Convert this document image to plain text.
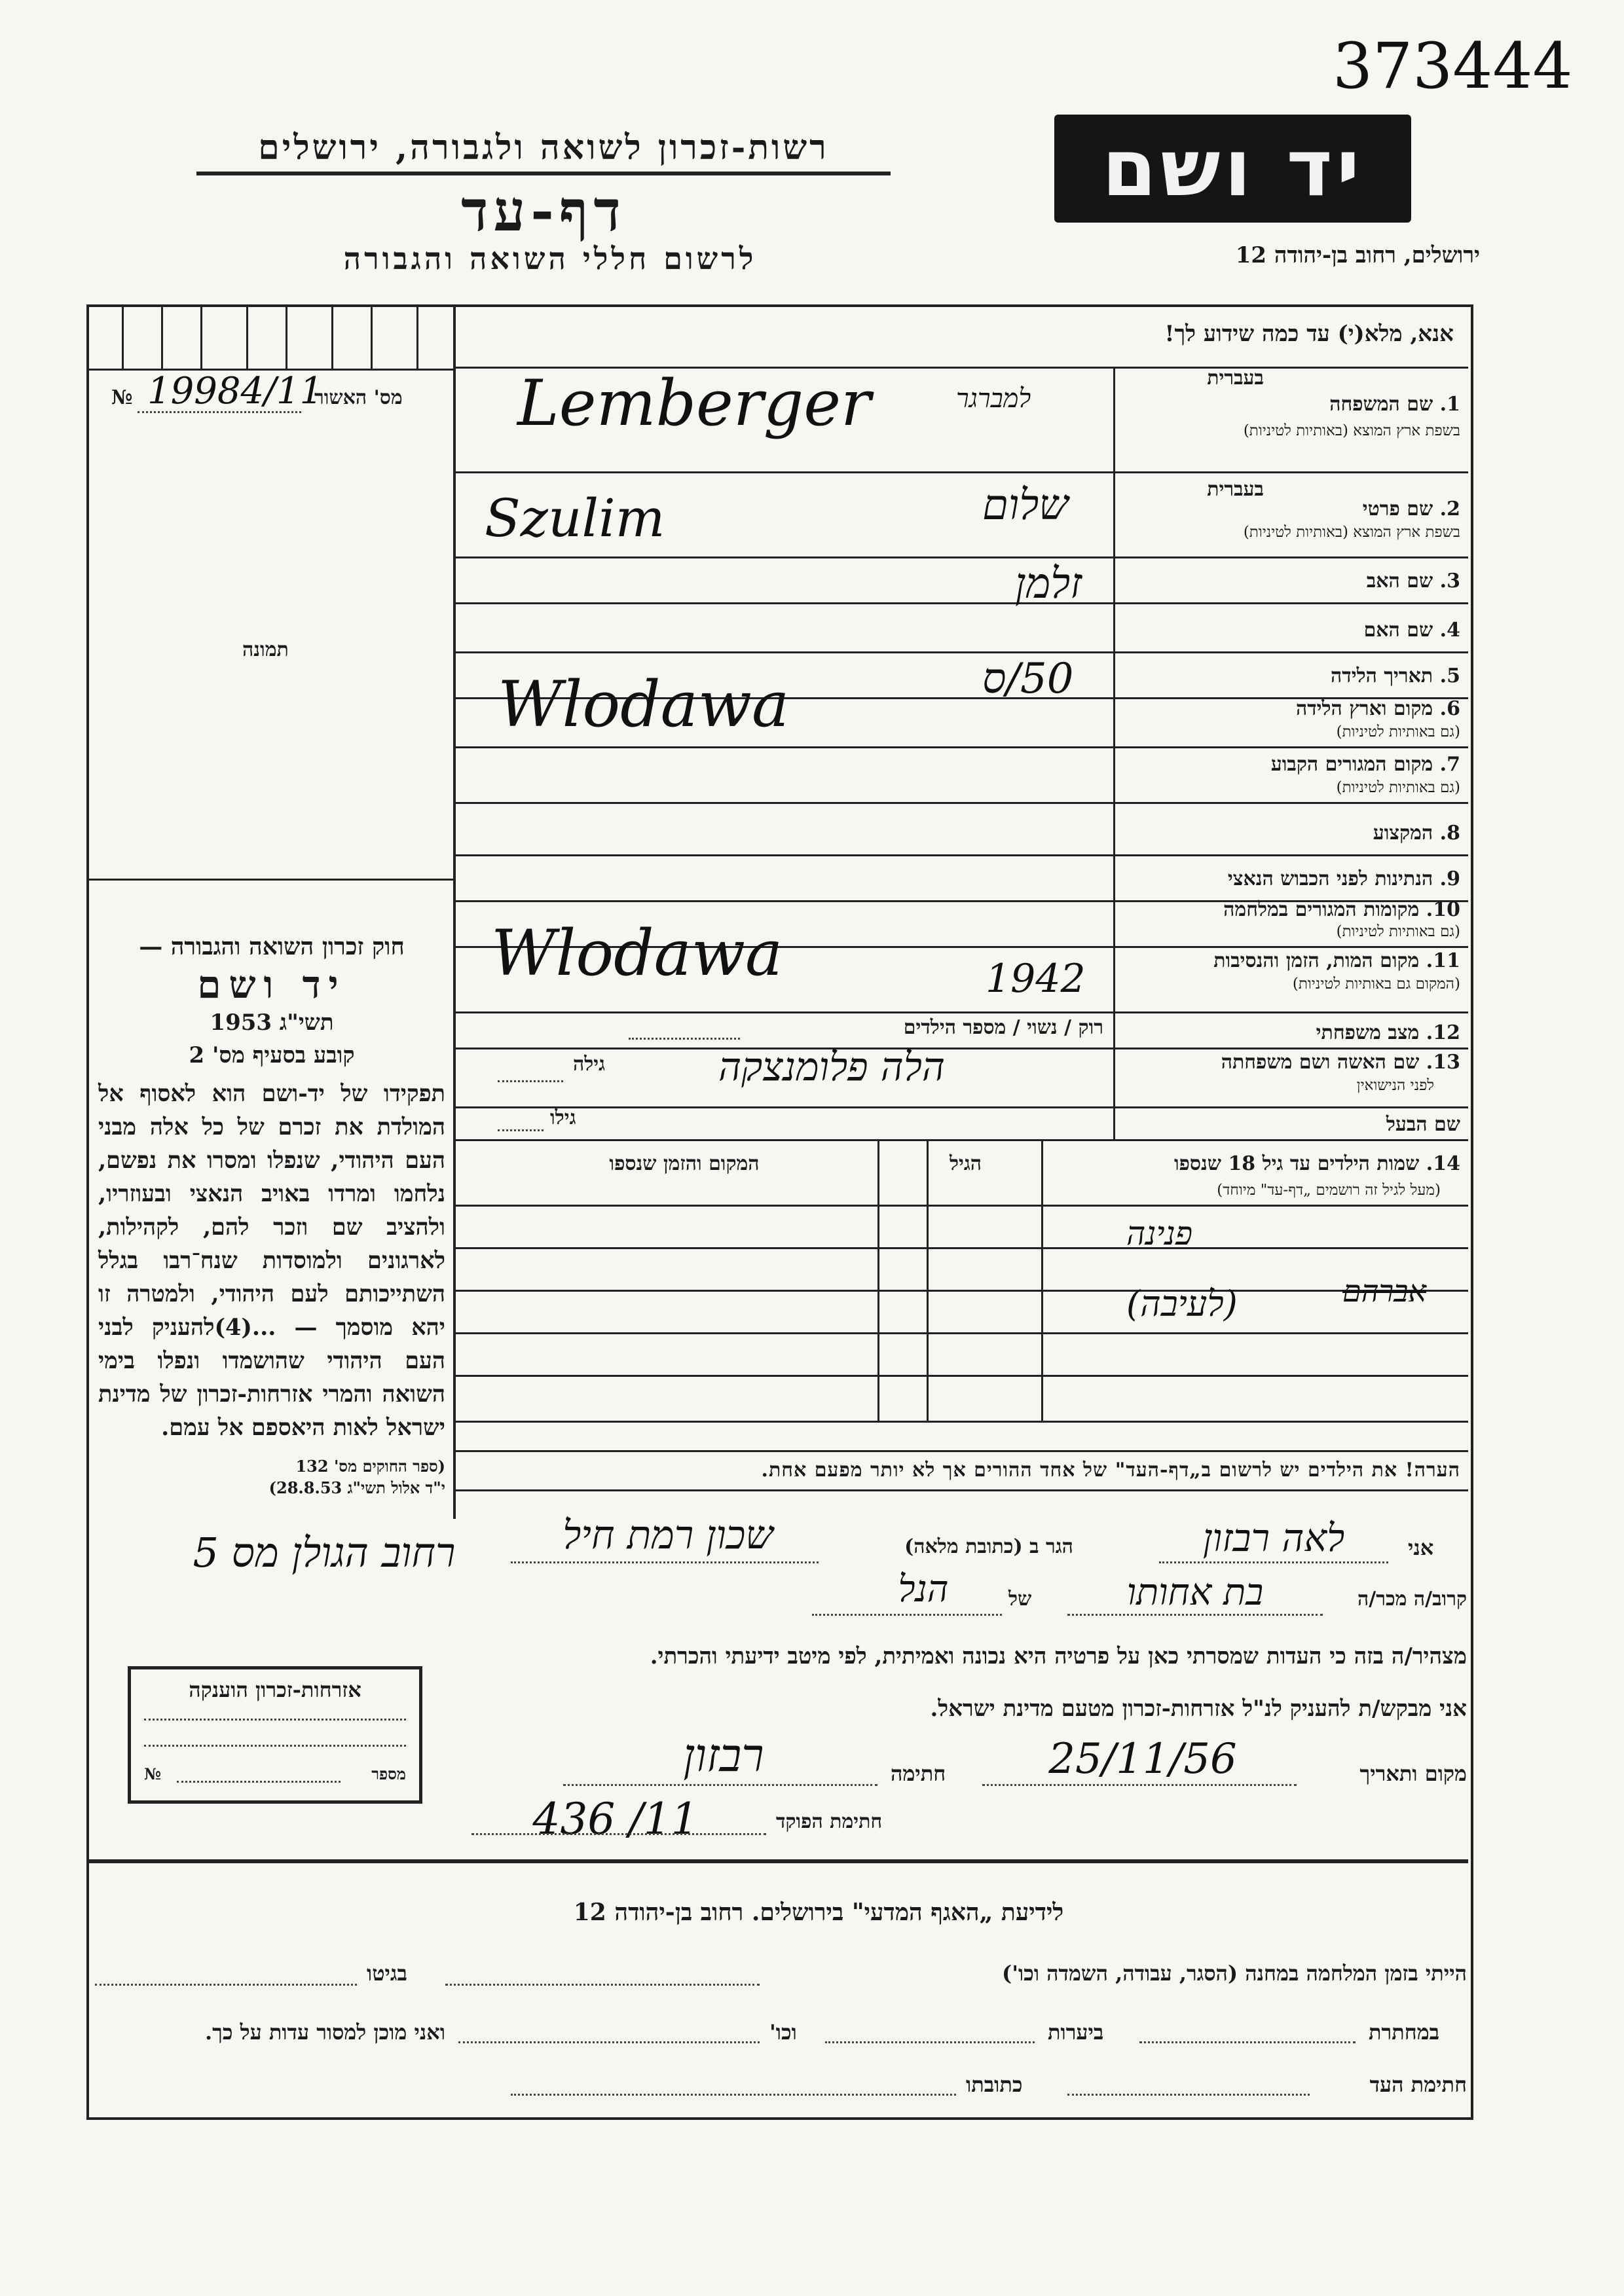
373444
רשות-זכרון לשואה ולגבורה, ירושלים
דף-עד
לרשום חללי השואה והגבורה
יד ושם
ירושלים, רחוב בן-יהודה 12
מס' האשור
№ 19984/11
תמונה
חוק זכרון השואה והגבורה —
יד ושם
תשי"ג 1953
קובע בסעיף מס' 2
תפקידו של יד-ושם הוא לאסוף אל המולדת את זכרם של כל אלה מבני העם היהודי, שנפלו ומסרו את נפשם, נלחמו ומרדו באויב הנאצי ובעוזריו, ולהציב שם וזכר להם, לקהילות, לארגונים ולמוסדות שנח־רבו בגלל השתייכותם לעם היהודי, ולמטרה זו יהא מוסמך — ...(4)להעניק לבני העם היהודי שהושמדו ונפלו בימי השואה והמרי אזרחות-זכרון של מדינת ישראל לאות היאספם אל עמם.
(ספר החוקים מס' 132
י"ד אלול תשי"ג 28.8.53)
אנא, מלא(י) עד כמה שידוע לך!
1. שם המשפחה
בשפת ארץ המוצא (באותיות לטיניות)
בעברית
2. שם פרטי
בשפת ארץ המוצא (באותיות לטיניות)
בעברית
3. שם האב
4. שם האם
5. תאריך הלידה
6. מקום וארץ הלידה
(גם באותיות לטיניות)
7. מקום המגורים הקבוע
(גם באותיות לטיניות)
8. המקצוע
9. הנתינות לפני הכבוש הנאצי
10. מקומות המגורים במלחמה
(גם באותיות לטיניות)
11. מקום המות, הזמן והנסיבות
(המקום גם באותיות לטיניות)
12. מצב משפחתי
13. שם האשה ושם משפחתה
לפני הנישואין
שם הבעל
למברגר
Lemberger
שלום
Szulim
זלמן
50/ס
Wlodawa
Wlodawa	1942
רוק / נשוי / מספר הילדים
גילה	הלה פלומנצקה
גילו
14. שמות הילדים עד גיל 18 שנספו
(מעל לגיל זה רושמים „דף-עד" מיוחד)
הגיל
המקום והזמן שנספו
פנינה
אברהם
(לעיבה)
הערה! את הילדים יש לרשום ב„דף-העד" של אחד ההורים אך לא יותר מפעם אחת.
אני
לאה רבזון
הגר ב (כתובת מלאה)
שכון רמת חיל
רחוב הגולן מס 5
קרוב/ה מכר/ה
בת אחותו
של
הנל
מצהיר/ה בזה כי העדות שמסרתי כאן על פרטיה היא נכונה ואמיתית, לפי מיטב ידיעתי והכרתי.
אני מבקש/ת להעניק לנ"ל אזרחות-זכרון מטעם מדינת ישראל.
מקום ותאריך
25/11/56
חתימה
רבזון
חתימת הפוקד
436 /11
אזרחות-זכרון הוענקה
מספר
№
לידיעת „האגף המדעי" בירושלים. רחוב בן-יהודה 12
הייתי בזמן המלחמה במחנה (הסגר, עבודה, השמדה וכו')
בגיטו
במחתרת
ביערות
וכו'
ואני מוכן למסור עדות על כך.
חתימת העד
כתובתו
